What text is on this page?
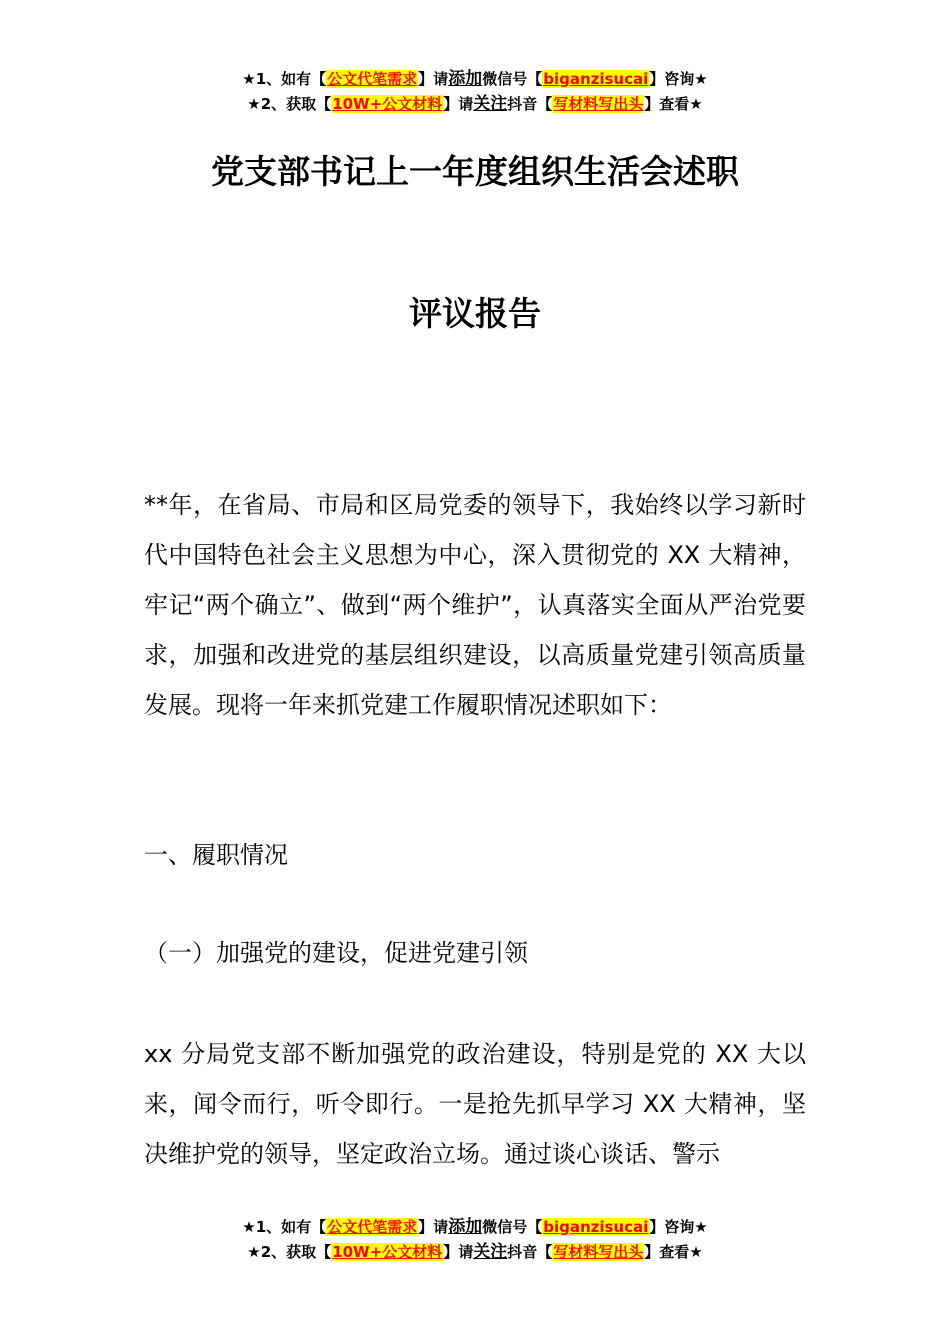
★1、如有【公文代笔需求】请添加微信号【biganzisucai】咨询★
★2、获取【10W+公文材料】请关注抖音【写材料写出头】查看★
党支部书记上一年度组织生活会述职
评议报告

**年，在省局、市局和区局党委的领导下，我始终以学习新时代中国特色社会主义思想为中心，深入贯彻党的 XX 大精神，牢记“两个确立”、做到“两个维护”，认真落实全面从严治党要求，加强和改进党的基层组织建设，以高质量党建引领高质量发展。现将一年来抓党建工作履职情况述职如下：

一、履职情况

（一）加强党的建设，促进党建引领

xx 分局党支部不断加强党的政治建设，特别是党的 XX 大以来，闻令而行，听令即行。一是抢先抓早学习 XX 大精神，坚决维护党的领导，坚定政治立场。通过谈心谈话、警示

★1、如有【公文代笔需求】请添加微信号【biganzisucai】咨询★
★2、获取【10W+公文材料】请关注抖音【写材料写出头】查看★
